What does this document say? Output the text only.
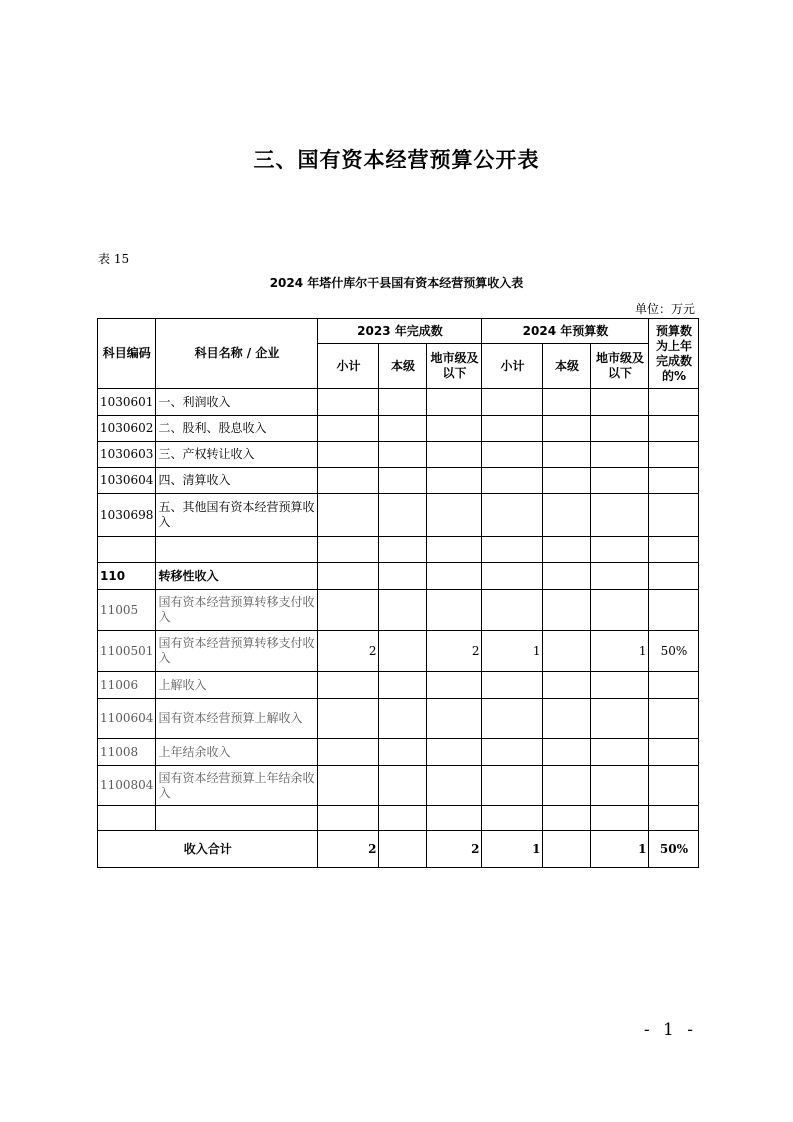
三、国有资本经营预算公开表
表 15
2024 年塔什库尔干县国有资本经营预算收入表
单位：万元
科目编码	科目名称 / 企业	2023 年完成数			2024 年预算数			预算数为上年完成数的%
		小计	本级	地市级及以下	小计	本级	地市级及以下	
1030601	一、利润收入							
1030602	二、股利、股息收入							
1030603	三、产权转让收入							
1030604	四、清算收入							
1030698	五、其他国有资本经营预算收入							

110	转移性收入							
11005	国有资本经营预算转移支付收入							
1100501	国有资本经营预算转移支付收入	2		2	1		1	50%
11006	上解收入							
1100604	国有资本经营预算上解收入							
11008	上年结余收入							
1100804	国有资本经营预算上年结余收入							

收入合计		2		2	1		1	50%
- 1 -
